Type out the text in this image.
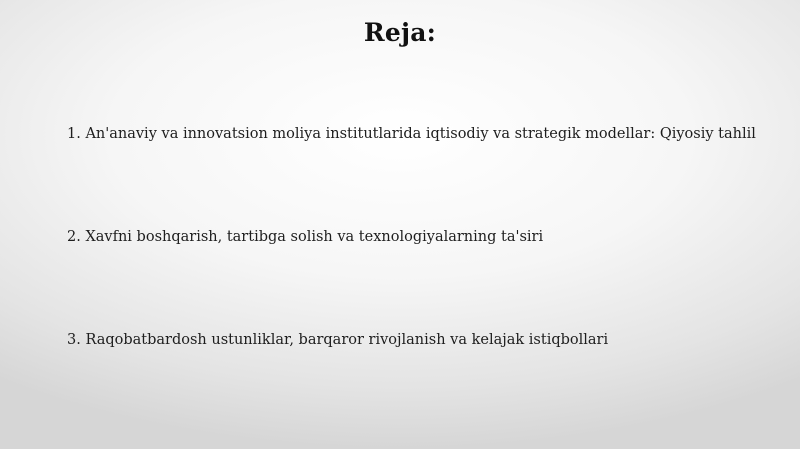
Reja:
1. An'anaviy va innovatsion moliya institutlarida iqtisodiy va strategik modellar: Qiyosiy tahlil
2. Xavfni boshqarish, tartibga solish va texnologiyalarning ta'siri
3. Raqobatbardosh ustunliklar, barqaror rivojlanish va kelajak istiqbollari
